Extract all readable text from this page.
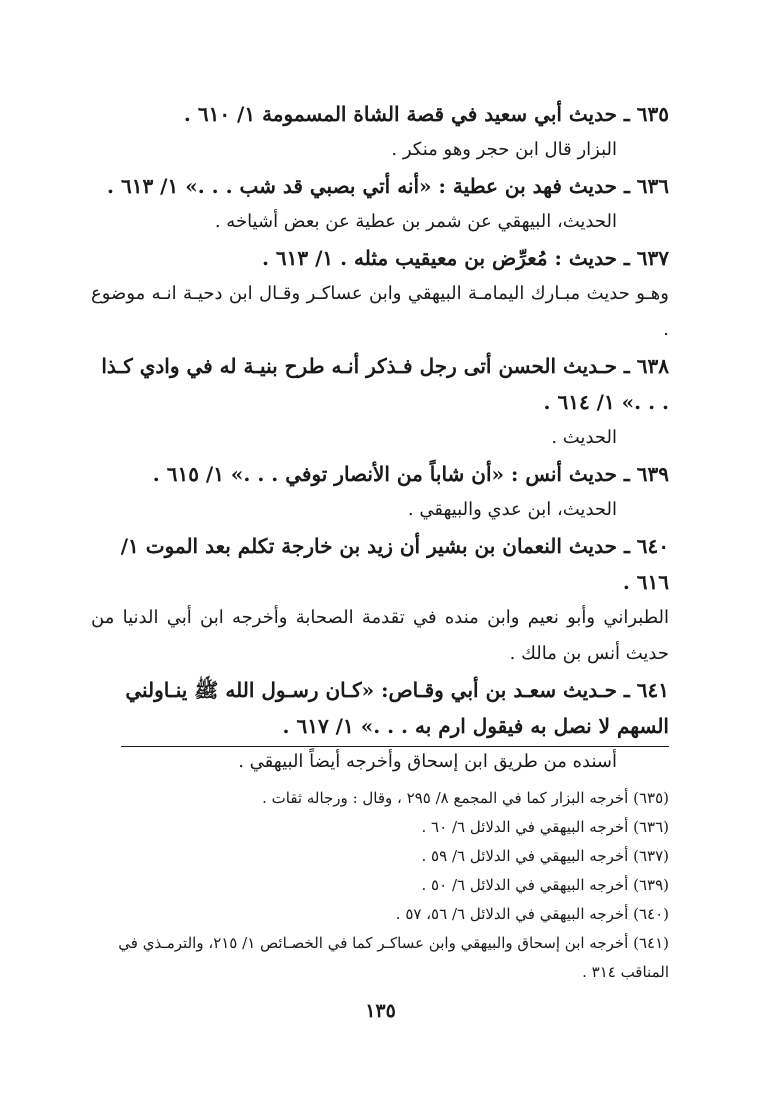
٦٣٥ ـ حديث أبي سعيد في قصة الشاة المسمومة ١/ ٦١٠ .
البزار قال ابن حجر وهو منكر .
٦٣٦ ـ حديث فهد بن عطية : «أنه أتي بصبي قد شب . . .» ١/ ٦١٣ .
الحديث، البيهقي عن شمر بن عطية عن بعض أشياخه .
٦٣٧ ـ حديث : مُعرِّض بن معيقيب مثله . ١/ ٦١٣ .
وهـو حديث مبـارك اليمامـة البيهقي وابن عساكـر وقـال ابن دحيـة انـه موضوع .
٦٣٨ ـ حـديث الحسن أتى رجل فـذكر أنـه طرح بنيـة له في وادي كـذا . . .» ١/ ٦١٤ .
الحديث .
٦٣٩ ـ حديث أنس : «أن شاباً من الأنصار توفي . . .» ١/ ٦١٥ .
الحديث، ابن عدي والبيهقي .
٦٤٠ ـ حديث النعمان بن بشير أن زيد بن خارجة تكلم بعد الموت ١/ ٦١٦ .
الطبراني وأبو نعيم وابن منده في تقدمة الصحابة وأخرجه ابن أبي الدنيا من حديث أنس بن مالك .
٦٤١ ـ حـديث سعـد بن أبي وقـاص: «كـان رسـول الله ﷺ ينـاولني السهم لا نصل به فيقول ارم به . . .» ١/ ٦١٧ .
أسنده من طريق ابن إسحاق وأخرجه أيضاً البيهقي .
(٦٣٥) أخرجه البزار كما في المجمع ٨/ ٢٩٥ ، وقال : ورجاله ثقات .
(٦٣٦) أخرجه البيهقي في الدلائل ٦/ ٦٠ .
(٦٣٧) أخرجه البيهقي في الدلائل ٦/ ٥٩ .
(٦٣٩) أخرجه البيهقي في الدلائل ٦/ ٥٠ .
(٦٤٠) أخرجه البيهقي في الدلائل ٦/ ٥٦، ٥٧ .
(٦٤١) أخرجه ابن إسحاق والبيهقي وابن عساكـر كما في الخصـائص ١/ ٢١٥، والترمـذي في المناقب ٣١٤ .
١٣٥
